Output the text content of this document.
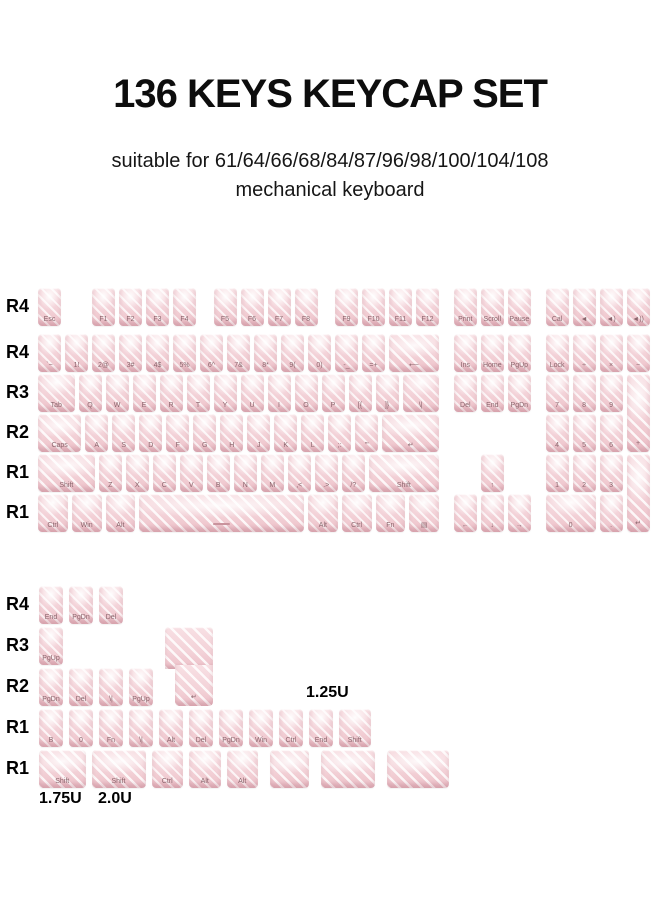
136 KEYS KEYCAP SET
suitable for 61/64/66/68/84/87/96/98/100/104/108
mechanical keyboard
R4
Esc	F1	F2	F3	F4	F5	F6	F7	F8	F9	F10	F11	F12	Print	Scroll	Pause	Cal	◄	◄)	◄))
R4
`~	1!	2@	3#	4$	5%	6^	7&	8*	9(	0)	-_	=+	⟵	Ins	Home	PgUp	Lock	÷	×	−
R3
Tab	Q	W	E	R	T	Y	U	I	O	P	[{	]}	\|	Del	End	PgDn	7	8	9
+
R2
Caps	A	S	D	F	G	H	J	K	L	;:	'"	↵	4	5	6
R1
Shift	Z	X	C	V	B	N	M	,<	.>	/?	Shift	↑	1	2	3
↵
R1
Ctrl	Win	Alt	Alt	Ctrl	Fn	▤	←	↓	→	0	.
1.25U
1.75U 2.0U
R4
End	PgDn	Del
R3
PgUp
↵
R2
PgDn	Del	\|	PgUp
R1
B	0	Fn	\|	Alt	Del	PgDn	Win	Ctrl	End	Shift
R1
Shift	Shift	Ctrl	Alt	Alt
